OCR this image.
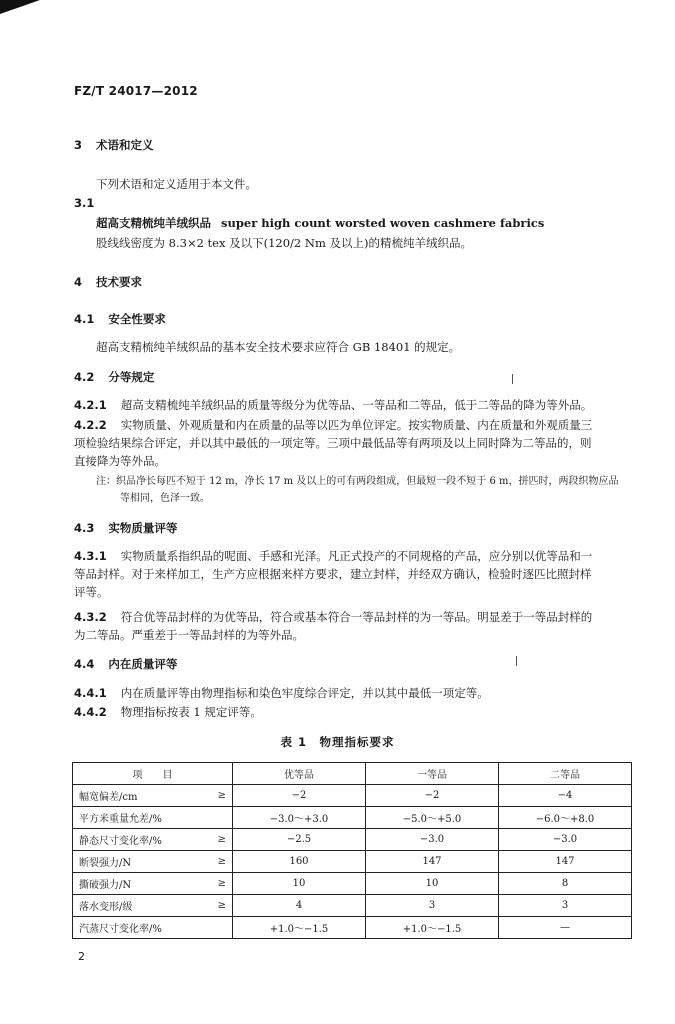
FZ/T 24017—2012
3 术语和定义
下列术语和定义适用于本文件。
3.1
超高支精梳纯羊绒织品 super high count worsted woven cashmere fabrics
股线线密度为 8.3×2 tex 及以下(120/2 Nm 及以上)的精梳纯羊绒织品。
4 技术要求
4.1 安全性要求
超高支精梳纯羊绒织品的基本安全技术要求应符合 GB 18401 的规定。
4.2 分等规定
4.2.1 超高支精梳纯羊绒织品的质量等级分为优等品、一等品和二等品，低于二等品的降为等外品。
4.2.2 实物质量、外观质量和内在质量的品等以匹为单位评定。按实物质量、内在质量和外观质量三
项检验结果综合评定，并以其中最低的一项定等。三项中最低品等有两项及以上同时降为二等品的，则
直接降为等外品。
注：织品净长每匹不短于 12 m，净长 17 m 及以上的可有两段组成，但最短一段不短于 6 m，拼匹时，两段织物应品
等相同，色泽一致。
4.3 实物质量评等
4.3.1 实物质量系指织品的呢面、手感和光泽。凡正式投产的不同规格的产品，应分别以优等品和一
等品封样。对于来样加工，生产方应根据来样方要求，建立封样，并经双方确认，检验时逐匹比照封样
评等。
4.3.2 符合优等品封样的为优等品，符合或基本符合一等品封样的为一等品。明显差于一等品封样的
为二等品。严重差于一等品封样的为等外品。
4.4 内在质量评等
4.4.1 内在质量评等由物理指标和染色牢度综合评定，并以其中最低一项定等。
4.4.2 物理指标按表 1 规定评等。
表 1　物理指标要求
项　　目		优等品	一等品	二等品
幅宽偏差/cm	≥	−2	−2	−4
平方米重量允差/%		−3.0～+3.0	−5.0～+5.0	−6.0～+8.0
静态尺寸变化率/%	≥	−2.5	−3.0	−3.0
断裂强力/N	≥	160	147	147
撕破强力/N	≥	10	10	8
落水变形/级	≥	4	3	3
汽蒸尺寸变化率/%		+1.0～−1.5	+1.0～−1.5	—
2
